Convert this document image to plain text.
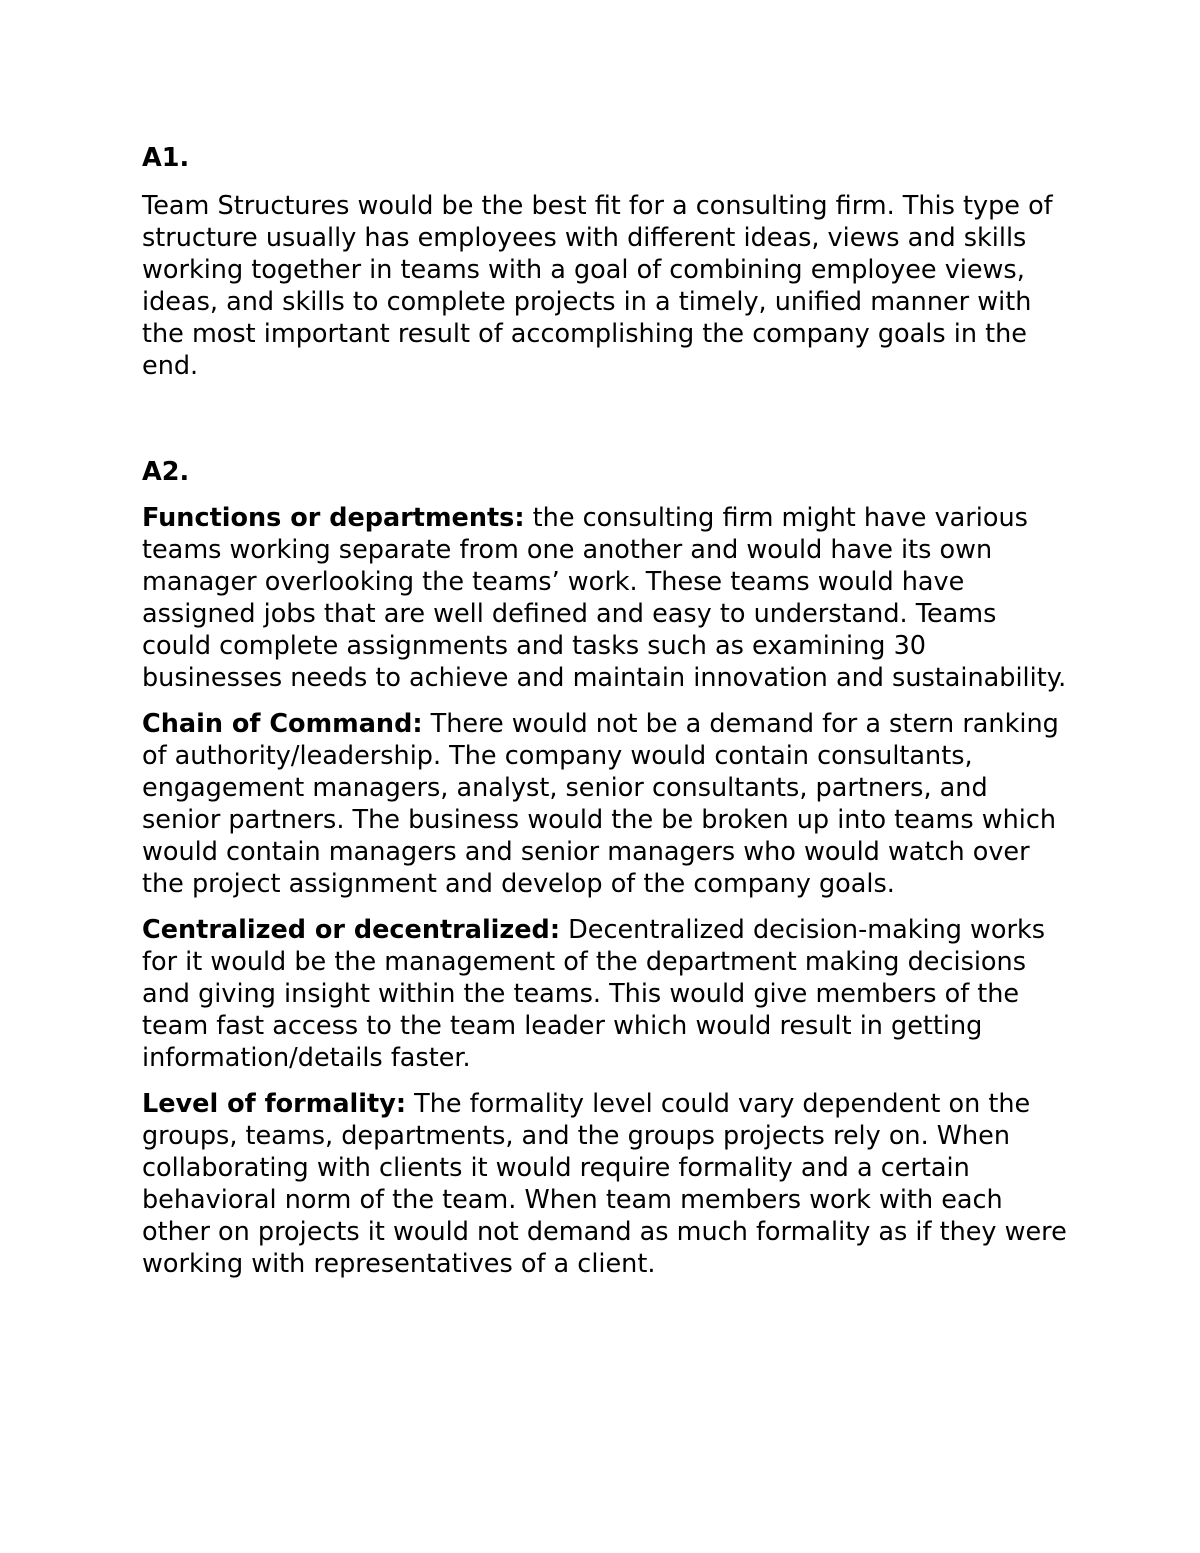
A1.

Team Structures would be the best fit for a consulting firm. This type of structure usually has employees with different ideas, views and skills working together in teams with a goal of combining employee views, ideas, and skills to complete projects in a timely, unified manner with the most important result of accomplishing the company goals in the end.

A2.

Functions or departments: the consulting firm might have various teams working separate from one another and would have its own manager overlooking the teams’ work. These teams would have assigned jobs that are well defined and easy to understand. Teams could complete assignments and tasks such as examining 30 businesses needs to achieve and maintain innovation and sustainability.

Chain of Command: There would not be a demand for a stern ranking of authority/leadership. The company would contain consultants, engagement managers, analyst, senior consultants, partners, and senior partners. The business would the be broken up into teams which would contain managers and senior managers who would watch over the project assignment and develop of the company goals.

Centralized or decentralized: Decentralized decision-making works for it would be the management of the department making decisions and giving insight within the teams. This would give members of the team fast access to the team leader which would result in getting information/details faster.

Level of formality: The formality level could vary dependent on the groups, teams, departments, and the groups projects rely on. When collaborating with clients it would require formality and a certain behavioral norm of the team. When team members work with each other on projects it would not demand as much formality as if they were working with representatives of a client.
